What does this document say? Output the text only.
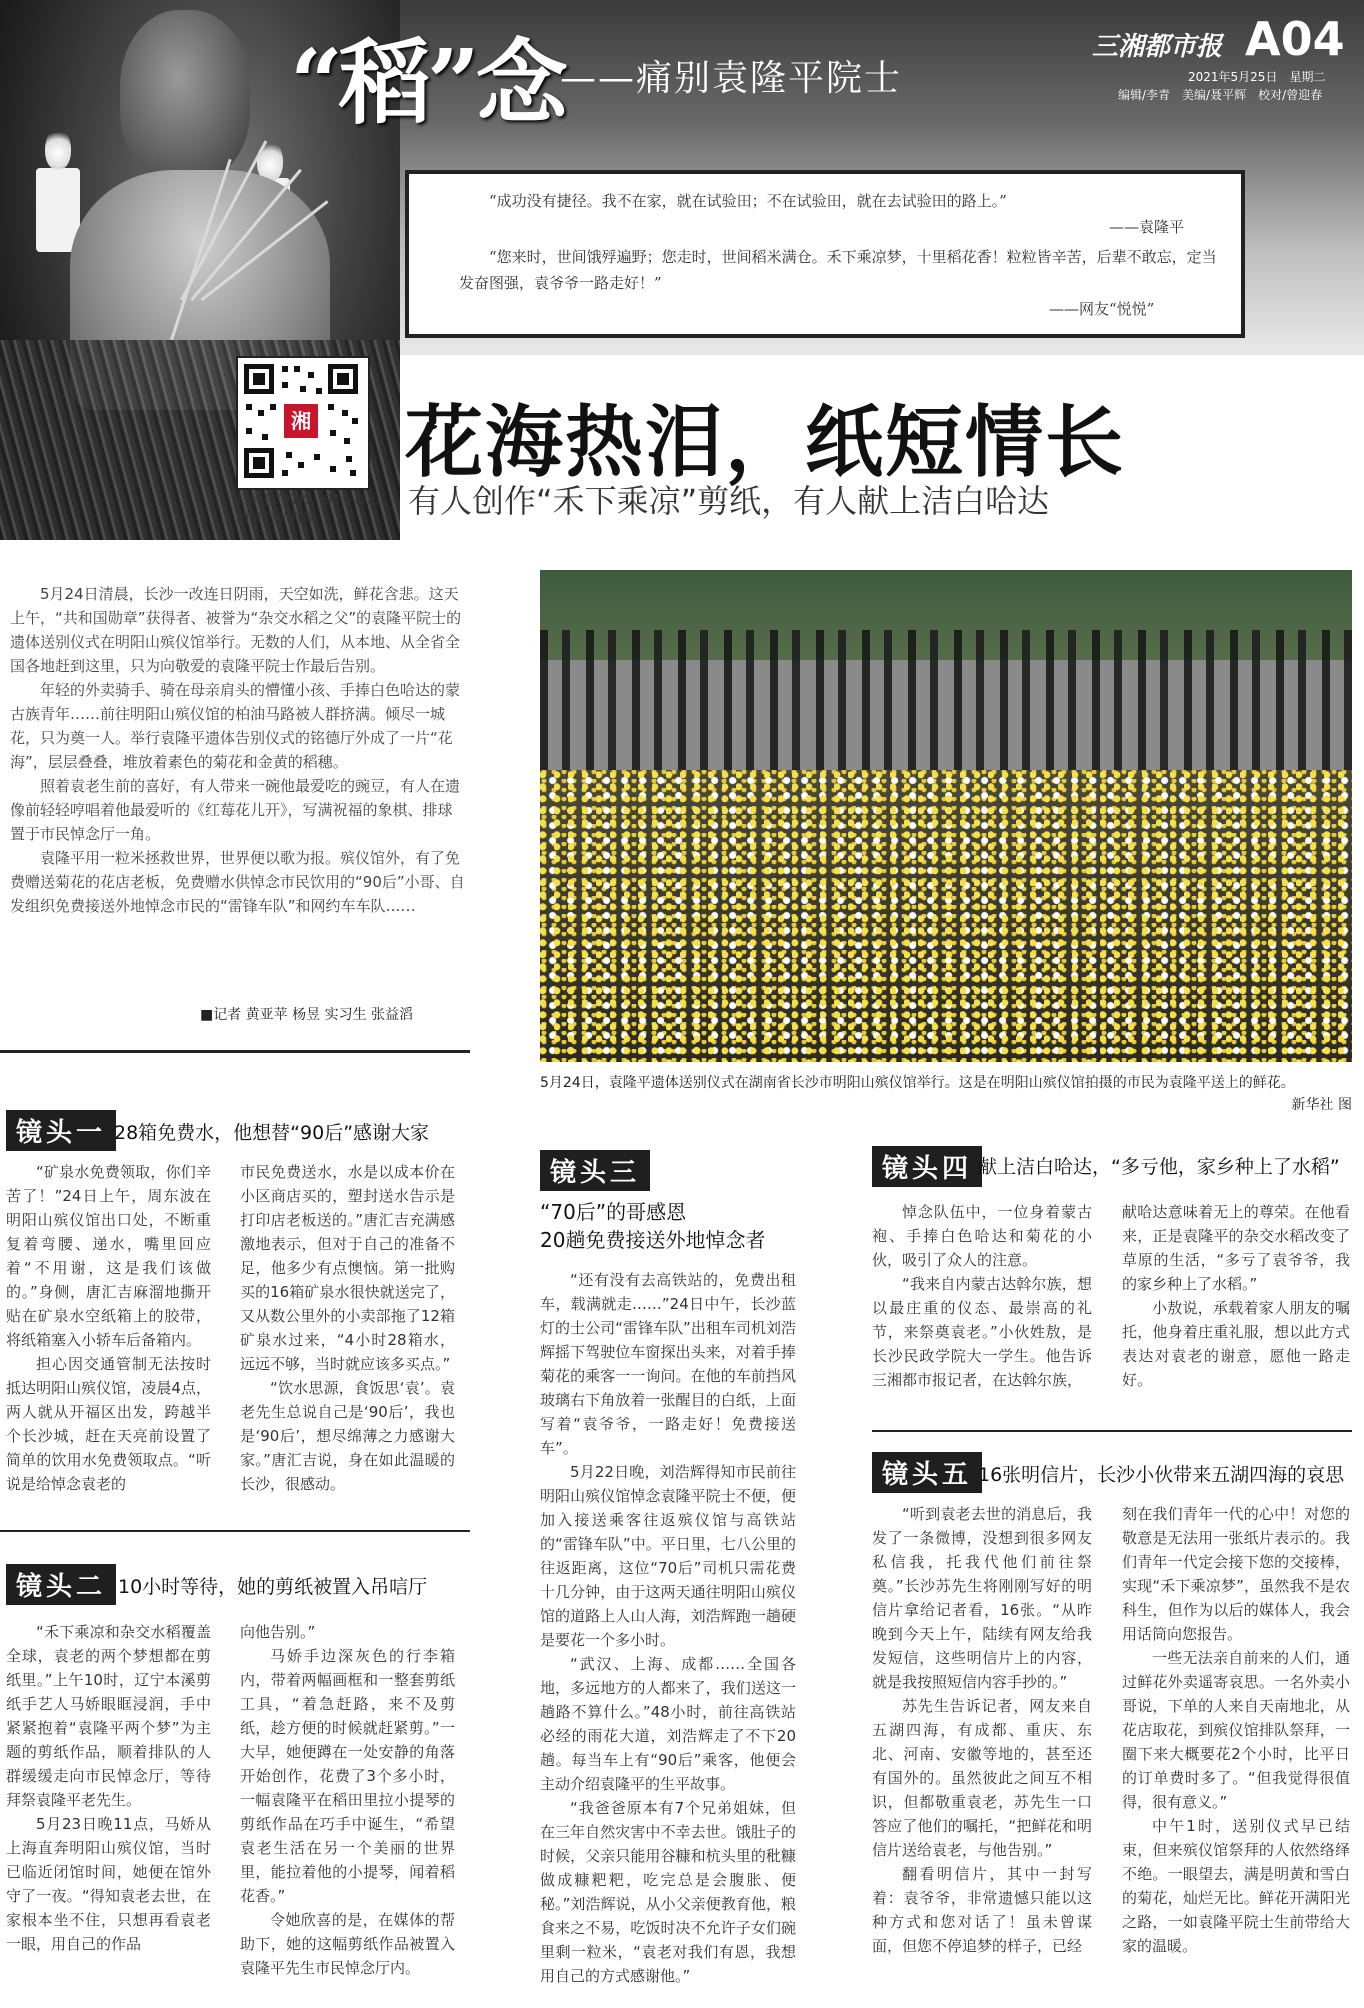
“稻”念
——痛别袁隆平院士
三湘都市报 A04
2021年5月25日　星期二
编辑/李青　美编/聂平辉　校对/曾迎春
“成功没有捷径。我不在家，就在试验田；不在试验田，就在去试验田的路上。”
——袁隆平
“您来时，世间饿殍遍野；您走时，世间稻米满仓。禾下乘凉梦，十里稻花香！粒粒皆辛苦，后辈不敢忘，定当发奋图强，袁爷爷一路走好！”
——网友“悦悦”
湘
扫码看“91秒，91年最后的‘稻’别”视频
花海热泪，纸短情长
有人创作“禾下乘凉”剪纸，有人献上洁白哈达

5月24日清晨，长沙一改连日阴雨，天空如洗，鲜花含悲。这天上午，“共和国勋章”获得者、被誉为“杂交水稻之父”的袁隆平院士的遗体送别仪式在明阳山殡仪馆举行。无数的人们，从本地、从全省全国各地赶到这里，只为向敬爱的袁隆平院士作最后告别。

年轻的外卖骑手、骑在母亲肩头的懵懂小孩、手捧白色哈达的蒙古族青年……前往明阳山殡仪馆的柏油马路被人群挤满。倾尽一城花，只为奠一人。举行袁隆平遗体告别仪式的铭德厅外成了一片“花海”，层层叠叠，堆放着素色的菊花和金黄的稻穗。

照着袁老生前的喜好，有人带来一碗他最爱吃的豌豆，有人在遗像前轻轻哼唱着他最爱听的《红莓花儿开》，写满祝福的象棋、排球置于市民悼念厅一角。

袁隆平用一粒米拯救世界，世界便以歌为报。殡仪馆外，有了免费赠送菊花的花店老板，免费赠水供悼念市民饮用的“90后”小哥、自发组织免费接送外地悼念市民的“雷锋车队”和网约车车队……

■记者 黄亚苹 杨昱 实习生 张益滔
5月24日，袁隆平遗体送别仪式在湖南省长沙市明阳山殡仪馆举行。这是在明阳山殡仪馆拍摄的市民为袁隆平送上的鲜花。
新华社 图
镜头一 28箱免费水，他想替“90后”感谢大家

“矿泉水免费领取，你们辛苦了！”24日上午，周东波在明阳山殡仪馆出口处，不断重复着弯腰、递水，嘴里回应着“不用谢，这是我们该做的。”身侧，唐汇吉麻溜地撕开贴在矿泉水空纸箱上的胶带，将纸箱塞入小轿车后备箱内。

担心因交通管制无法按时抵达明阳山殡仪馆，凌晨4点，两人就从开福区出发，跨越半个长沙城，赶在天亮前设置了简单的饮用水免费领取点。“听说是给悼念袁老的

市民免费送水，水是以成本价在小区商店买的，塑封送水告示是打印店老板送的。”唐汇吉充满感激地表示，但对于自己的准备不足，他多少有点懊恼。第一批购买的16箱矿泉水很快就送完了，又从数公里外的小卖部拖了12箱矿泉水过来，“4小时28箱水，远远不够，当时就应该多买点。”

“饮水思源，食饭思‘袁’。袁老先生总说自己是‘90后’，我也是‘90后’，想尽绵薄之力感谢大家。”唐汇吉说，身在如此温暖的长沙，很感动。

镜头二 10小时等待，她的剪纸被置入吊唁厅

“禾下乘凉和杂交水稻覆盖全球，袁老的两个梦想都在剪纸里。”上午10时，辽宁本溪剪纸手艺人马娇眼眶浸润，手中紧紧抱着“袁隆平两个梦”为主题的剪纸作品，顺着排队的人群缓缓走向市民悼念厅，等待拜祭袁隆平老先生。

5月23日晚11点，马娇从上海直奔明阳山殡仪馆，当时已临近闭馆时间，她便在馆外守了一夜。“得知袁老去世，在家根本坐不住，只想再看袁老一眼，用自己的作品

向他告别。”

马娇手边深灰色的行李箱内，带着两幅画框和一整套剪纸工具，“着急赶路，来不及剪纸，趁方便的时候就赶紧剪。”一大早，她便蹲在一处安静的角落开始创作，花费了3个多小时，一幅袁隆平在稻田里拉小提琴的剪纸作品在巧手中诞生，“希望袁老生活在另一个美丽的世界里，能拉着他的小提琴，闻着稻花香。”

令她欣喜的是，在媒体的帮助下，她的这幅剪纸作品被置入袁隆平先生市民悼念厅内。

镜头三
“70后”的哥感恩
20趟免费接送外地悼念者

“还有没有去高铁站的，免费出租车，载满就走……”24日中午，长沙蓝灯的士公司“雷锋车队”出租车司机刘浩辉摇下驾驶位车窗探出头来，对着手捧菊花的乘客一一询问。在他的车前挡风玻璃右下角放着一张醒目的白纸，上面写着“袁爷爷，一路走好！免费接送车”。

5月22日晚，刘浩辉得知市民前往明阳山殡仪馆悼念袁隆平院士不便，便加入接送乘客往返殡仪馆与高铁站的“雷锋车队”中。平日里，七八公里的往返距离，这位“70后”司机只需花费十几分钟，由于这两天通往明阳山殡仪馆的道路上人山人海，刘浩辉跑一趟硬是要花一个多小时。

“武汉、上海、成都……全国各地，多远地方的人都来了，我们送这一趟路不算什么。”48小时，前往高铁站必经的雨花大道，刘浩辉走了不下20趟。每当车上有“90后”乘客，他便会主动介绍袁隆平的生平故事。

“我爸爸原本有7个兄弟姐妹，但在三年自然灾害中不幸去世。饿肚子的时候，父亲只能用谷糠和杭头里的秕糠做成糠粑粑，吃完总是会腹胀、便秘。”刘浩辉说，从小父亲便教育他，粮食来之不易，吃饭时决不允许子女们碗里剩一粒米，“袁老对我们有恩，我想用自己的方式感谢他。”

镜头四 献上洁白哈达，“多亏他，家乡种上了水稻”

悼念队伍中，一位身着蒙古袍、手捧白色哈达和菊花的小伙，吸引了众人的注意。

“我来自内蒙古达斡尔族，想以最庄重的仪态、最崇高的礼节，来祭奠袁老。”小伙姓敖，是长沙民政学院大一学生。他告诉三湘都市报记者，在达斡尔族，

献哈达意味着无上的尊荣。在他看来，正是袁隆平的杂交水稻改变了草原的生活，“多亏了袁爷爷，我的家乡种上了水稻。”

小敖说，承载着家人朋友的嘱托，他身着庄重礼服，想以此方式表达对袁老的谢意，愿他一路走好。

镜头五 16张明信片，长沙小伙带来五湖四海的哀思

“听到袁老去世的消息后，我发了一条微博，没想到很多网友私信我，托我代他们前往祭奠。”长沙苏先生将刚刚写好的明信片拿给记者看，16张。“从昨晚到今天上午，陆续有网友给我发短信，这些明信片上的内容，就是我按照短信内容手抄的。”

苏先生告诉记者，网友来自五湖四海，有成都、重庆、东北、河南、安徽等地的，甚至还有国外的。虽然彼此之间互不相识，但都敬重袁老，苏先生一口答应了他们的嘱托，“把鲜花和明信片送给袁老，与他告别。”

翻看明信片，其中一封写着：袁爷爷，非常遗憾只能以这种方式和您对话了！虽未曾谋面，但您不停追梦的样子，已经

刻在我们青年一代的心中！对您的敬意是无法用一张纸片表示的。我们青年一代定会接下您的交接棒，实现“禾下乘凉梦”，虽然我不是农科生，但作为以后的媒体人，我会用话筒向您报告。

一些无法亲自前来的人们，通过鲜花外卖遥寄哀思。一名外卖小哥说，下单的人来自天南地北，从花店取花，到殡仪馆排队祭拜，一圈下来大概要花2个小时，比平日的订单费时多了。“但我觉得很值得，很有意义。”

中午1时，送别仪式早已结束，但来殡仪馆祭拜的人依然络绎不绝。一眼望去，满是明黄和雪白的菊花，灿烂无比。鲜花开满阳光之路，一如袁隆平院士生前带给大家的温暖。
